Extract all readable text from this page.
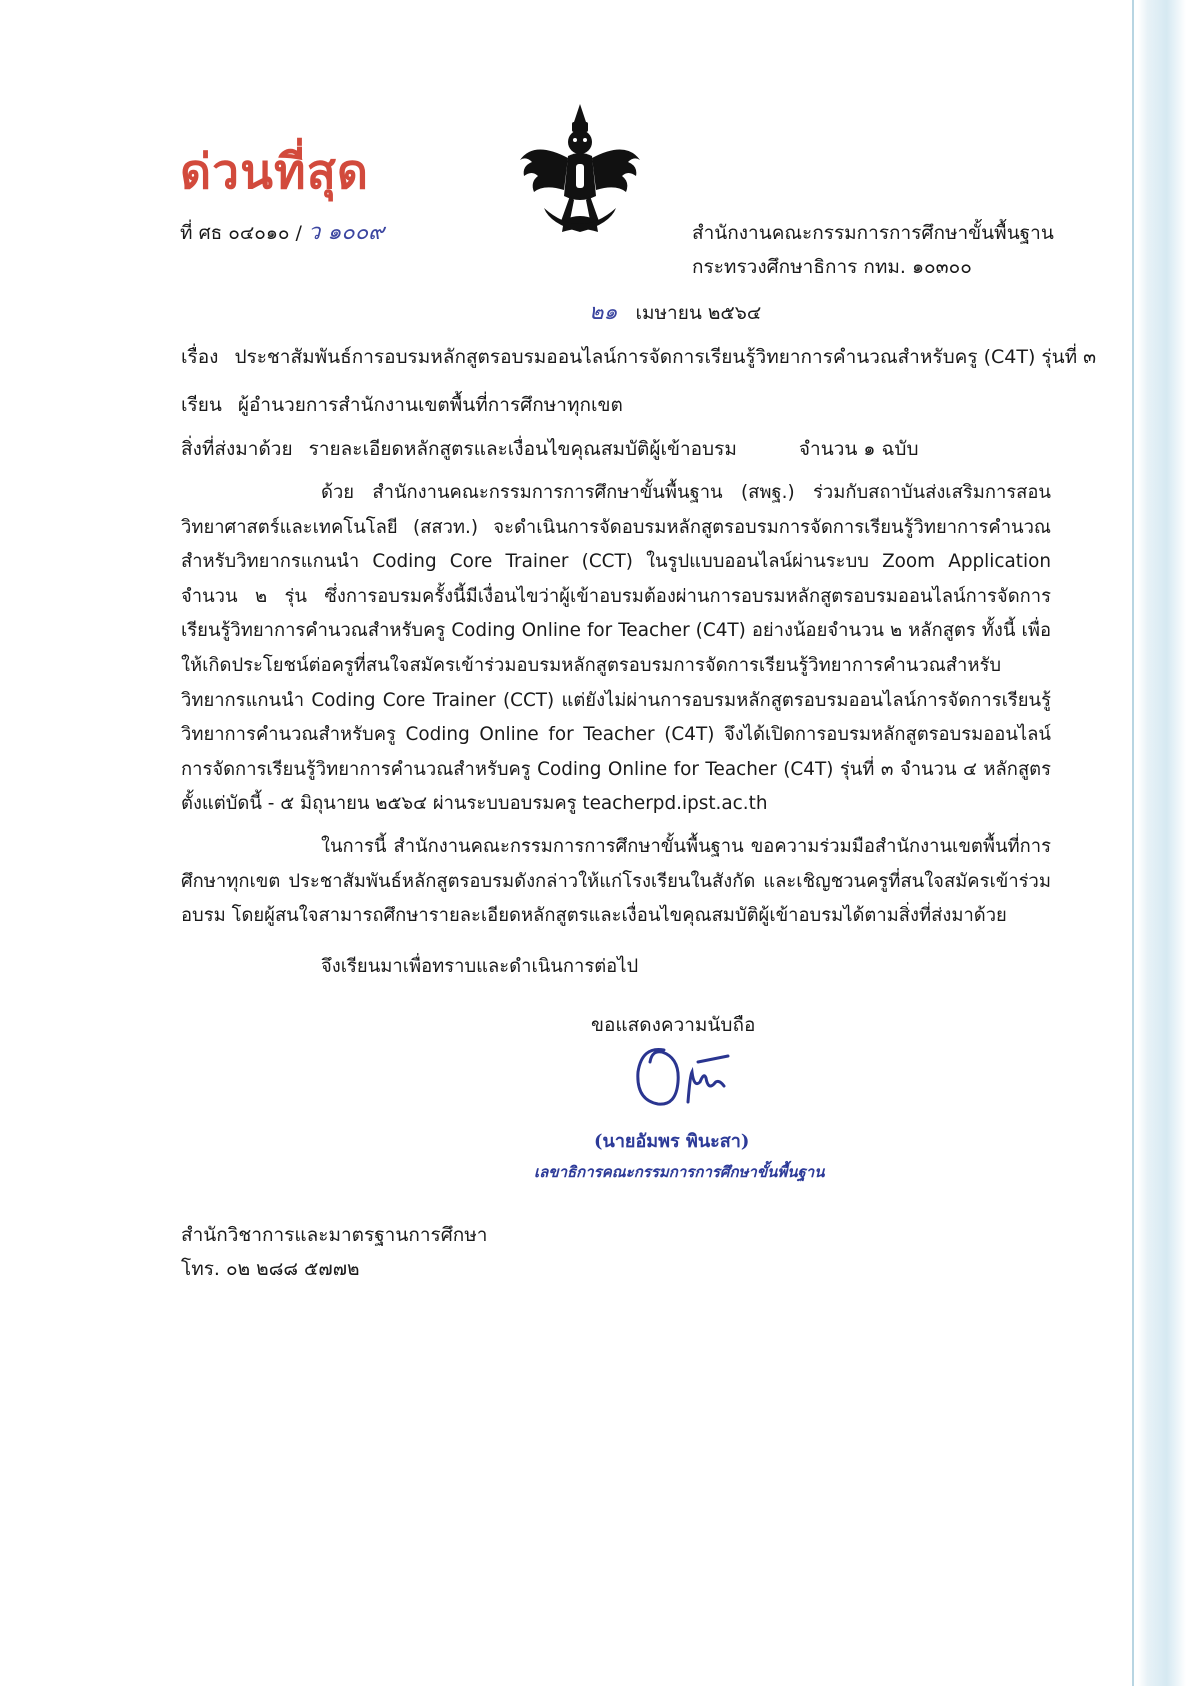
ด่วนที่สุด
ที่ ศธ ๐๔๐๑๐ / ว ๑๐๐๙	สำนักงานคณะกรรมการการศึกษาขั้นพื้นฐาน
กระทรวงศึกษาธิการ กทม. ๑๐๓๐๐
๒๑ เมษายน ๒๕๖๔
เรื่อง ประชาสัมพันธ์การอบรมหลักสูตรอบรมออนไลน์การจัดการเรียนรู้วิทยาการคำนวณสำหรับครู (C4T) รุ่นที่ ๓
เรียน ผู้อำนวยการสำนักงานเขตพื้นที่การศึกษาทุกเขต
สิ่งที่ส่งมาด้วย รายละเอียดหลักสูตรและเงื่อนไขคุณสมบัติผู้เข้าอบรม	จำนวน ๑ ฉบับ
ด้วย สำนักงานคณะกรรมการการศึกษาขั้นพื้นฐาน (สพฐ.) ร่วมกับสถาบันส่งเสริมการสอนวิทยาศาสตร์และเทคโนโลยี (สสวท.) จะดำเนินการจัดอบรมหลักสูตรอบรมการจัดการเรียนรู้วิทยาการคำนวณสำหรับวิทยากรแกนนำ Coding Core Trainer (CCT) ในรูปแบบออนไลน์ผ่านระบบ Zoom Application จำนวน ๒ รุ่น ซึ่งการอบรมครั้งนี้มีเงื่อนไขว่าผู้เข้าอบรมต้องผ่านการอบรมหลักสูตรอบรมออนไลน์การจัดการเรียนรู้วิทยาการคำนวณสำหรับครู Coding Online for Teacher (C4T) อย่างน้อยจำนวน ๒ หลักสูตร ทั้งนี้ เพื่อให้เกิดประโยชน์ต่อครูที่สนใจสมัครเข้าร่วมอบรมหลักสูตรอบรมการจัดการเรียนรู้วิทยาการคำนวณสำหรับวิทยากรแกนนำ Coding Core Trainer (CCT) แต่ยังไม่ผ่านการอบรมหลักสูตรอบรมออนไลน์การจัดการเรียนรู้วิทยาการคำนวณสำหรับครู Coding Online for Teacher (C4T) จึงได้เปิดการอบรมหลักสูตรอบรมออนไลน์การจัดการเรียนรู้วิทยาการคำนวณสำหรับครู Coding Online for Teacher (C4T) รุ่นที่ ๓ จำนวน ๔ หลักสูตร ตั้งแต่บัดนี้ - ๕ มิถุนายน ๒๕๖๔ ผ่านระบบอบรมครู teacherpd.ipst.ac.th
ในการนี้ สำนักงานคณะกรรมการการศึกษาขั้นพื้นฐาน ขอความร่วมมือสำนักงานเขตพื้นที่การศึกษาทุกเขต ประชาสัมพันธ์หลักสูตรอบรมดังกล่าวให้แก่โรงเรียนในสังกัด และเชิญชวนครูที่สนใจสมัครเข้าร่วมอบรม โดยผู้สนใจสามารถศึกษารายละเอียดหลักสูตรและเงื่อนไขคุณสมบัติผู้เข้าอบรมได้ตามสิ่งที่ส่งมาด้วย
จึงเรียนมาเพื่อทราบและดำเนินการต่อไป
ขอแสดงความนับถือ
(นายอัมพร พินะสา)
เลขาธิการคณะกรรมการการศึกษาขั้นพื้นฐาน
สำนักวิชาการและมาตรฐานการศึกษา
โทร. ๐๒ ๒๘๘ ๕๗๗๒
